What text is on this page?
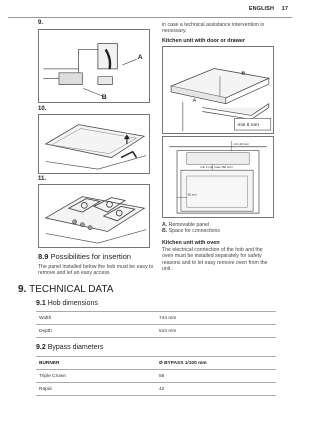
ENGLISH 17
9.
A
B
10.
11.
8.9 Possibilities for insertion
The panel installed below the hob must be easy to remove and let an easy access
in case a technical assistance intervention is necessary.
Kitchen unit with door or drawer
A
B
min 6 mm
min 20 mm
min 2 mm (max 150 mm)
60 mm
A. Removable panel
B. Space for connections
Kitchen unit with oven
The electrical connection of the hob and the oven must be installed separately for safety reasons and to let easy remove oven from the unit.
9. TECHNICAL DATA
9.1 Hob dimensions
Width	744 mm
Depth	510 mm
9.2 Bypass diameters
BURNER	Ø BYPASS 1/100 mm
Triple Crown	56
Rapid	42
